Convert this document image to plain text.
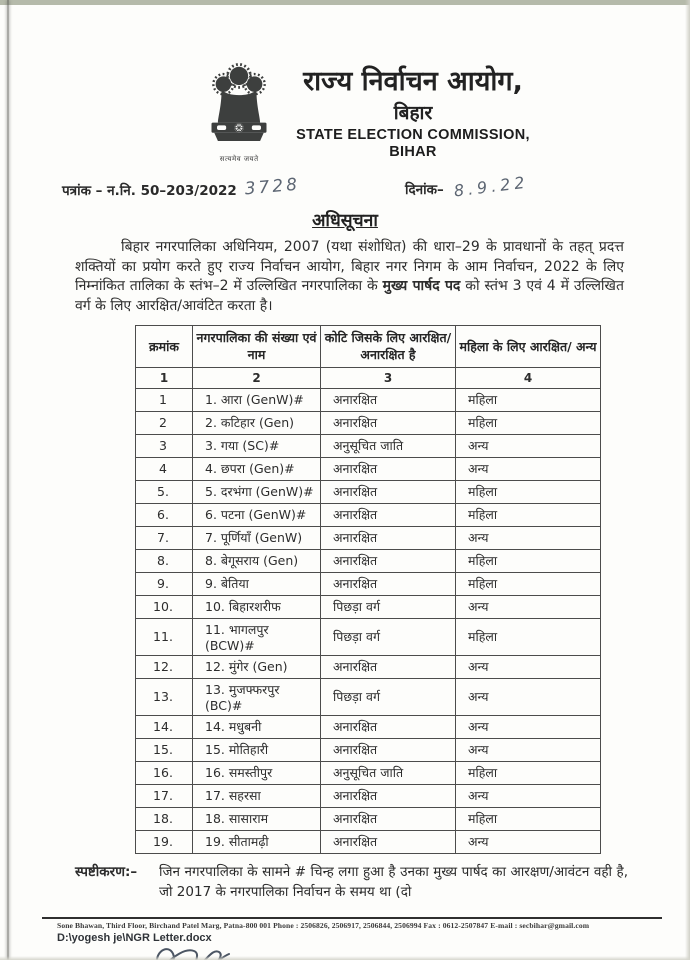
सत्यमेव जयते
राज्य निर्वाचन आयोग,
बिहार
STATE ELECTION COMMISSION,
BIHAR
पत्रांक – न.नि. 50–203/2022 3728	दिनांक– 8.9.22
अधिसूचना

बिहार नगरपालिका अधिनियम, 2007 (यथा संशोधित) की धारा–29 के प्रावधानों के तहत् प्रदत्त शक्तियों का प्रयोग करते हुए राज्य निर्वाचन आयोग, बिहार नगर निगम के आम निर्वाचन, 2022 के लिए निम्नांकित तालिका के स्तंभ–2 में उल्लिखित नगरपालिका के मुख्य पार्षद पद को स्तंभ 3 एवं 4 में उल्लिखित वर्ग के लिए आरक्षित/आवंटित करता है।

क्रमांक	नगरपालिका की संख्या एवं नाम	कोटि जिसके लिए आरक्षित/ अनारक्षित है	महिला के लिए आरक्षित/ अन्य
1	2	3	4
1	1. आरा (GenW)#	अनारक्षित	महिला
2	2. कटिहार (Gen)	अनारक्षित	महिला
3	3. गया (SC)#	अनुसूचित जाति	अन्य
4	4. छपरा (Gen)#	अनारक्षित	अन्य
5.	5. दरभंगा (GenW)#	अनारक्षित	महिला
6.	6. पटना (GenW)#	अनारक्षित	महिला
7.	7. पूर्णियाँ (GenW)	अनारक्षित	अन्य
8.	8. बेगूसराय (Gen)	अनारक्षित	महिला
9.	9. बेतिया	अनारक्षित	महिला
10.	10. बिहारशरीफ	पिछड़ा वर्ग	अन्य
11.	11. भागलपुर (BCW)#	पिछड़ा वर्ग	महिला
12.	12. मुंगेर (Gen)	अनारक्षित	अन्य
13.	13. मुजफ्फरपुर (BC)#	पिछड़ा वर्ग	अन्य
14.	14. मधुबनी	अनारक्षित	अन्य
15.	15. मोतिहारी	अनारक्षित	अन्य
16.	16. समस्तीपुर	अनुसूचित जाति	महिला
17.	17. सहरसा	अनारक्षित	अन्य
18.	18. सासाराम	अनारक्षित	महिला
19.	19. सीतामढ़ी	अनारक्षित	अन्य
स्पष्टीकरण:– जिन नगरपालिका के सामने # चिन्ह लगा हुआ है उनका मुख्य पार्षद का आरक्षण/आवंटन वही है, जो 2017 के नगरपालिका निर्वाचन के समय था (दो
Sone Bhawan, Third Floor, Birchand Patel Marg, Patna-800 001 Phone : 2506826, 2506917, 2506844, 2506994 Fax : 0612-2507847 E-mail : secbihar@gmail.com
D:\yogesh je\NGR Letter.docx
